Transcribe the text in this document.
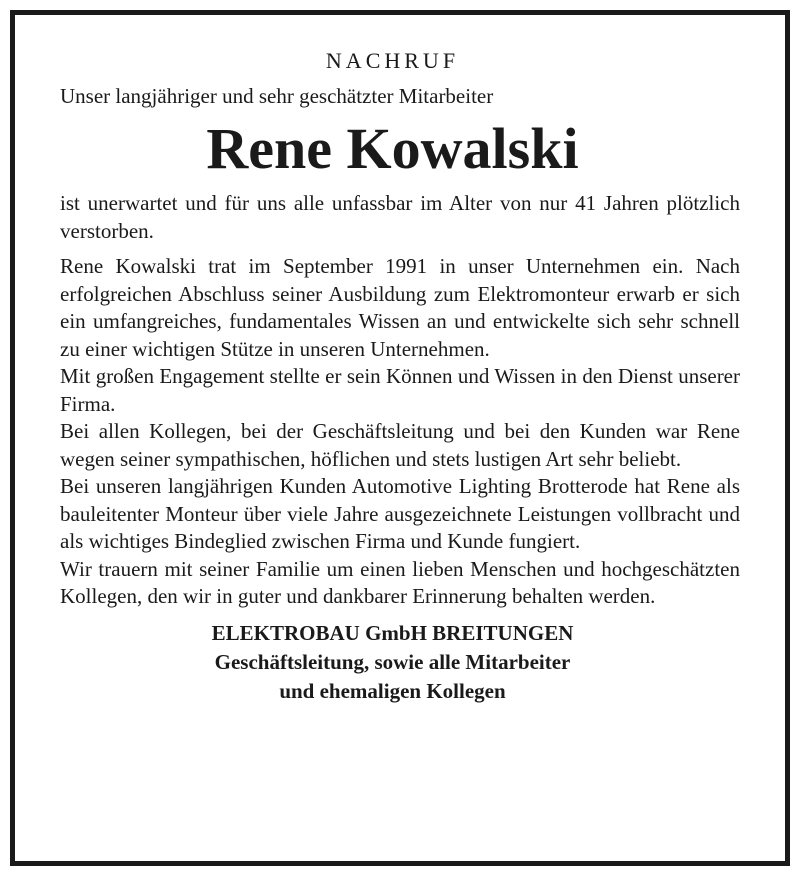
NACHRUF
Unser langjähriger und sehr geschätzter Mitarbeiter
Rene Kowalski

ist unerwartet und für uns alle unfassbar im Alter von nur 41 Jahren plötzlich verstorben.

Rene Kowalski trat im September 1991 in unser Unternehmen ein. Nach erfolgreichen Abschluss seiner Ausbildung zum Elektromonteur erwarb er sich ein umfangreiches, fundamentales Wissen an und entwickelte sich sehr schnell zu einer wichtigen Stütze in unseren Unternehmen.

Mit großen Engagement stellte er sein Können und Wissen in den Dienst unserer Firma.

Bei allen Kollegen, bei der Geschäftsleitung und bei den Kunden war Rene wegen seiner sympathischen, höflichen und stets lustigen Art sehr beliebt.

Bei unseren langjährigen Kunden Automotive Lighting Brotterode hat Rene als bauleitenter Monteur über viele Jahre ausgezeichnete Leistungen vollbracht und als wichtiges Bindeglied zwischen Firma und Kunde fungiert.

Wir trauern mit seiner Familie um einen lieben Menschen und hochgeschätzten Kollegen, den wir in guter und dankbarer Erinnerung behalten werden.

ELEKTROBAU GmbH BREITUNGEN
Geschäftsleitung, sowie alle Mitarbeiter
und ehemaligen Kollegen
